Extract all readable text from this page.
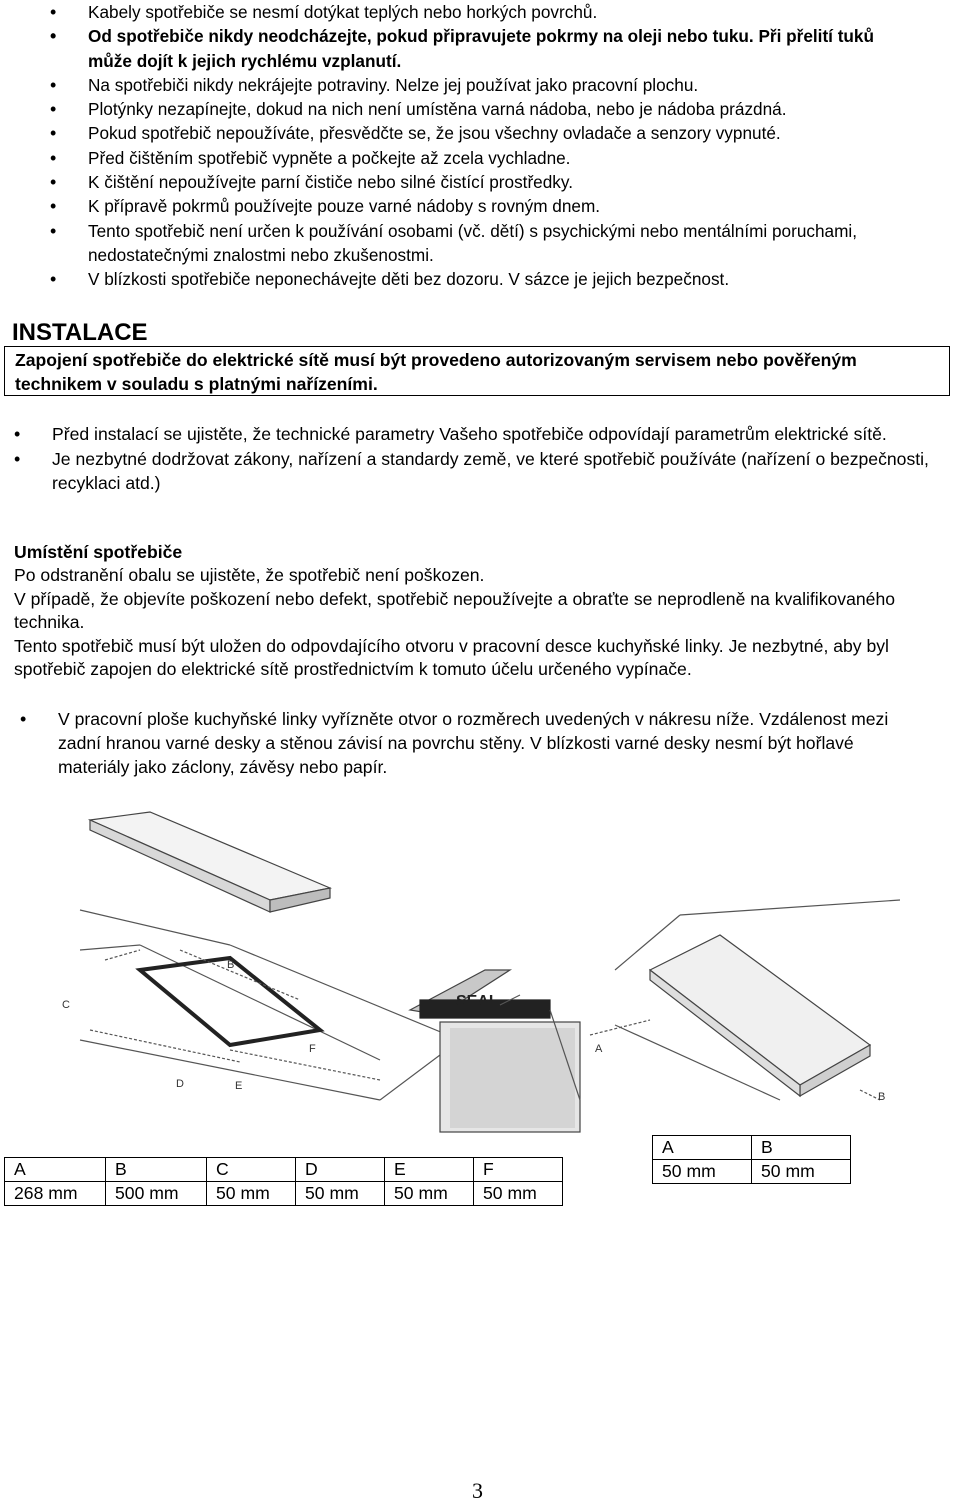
• Kabely spotřebiče se nesmí dotýkat teplých nebo horkých povrchů.
• Od spotřebiče nikdy neodcházejte, pokud připravujete pokrmy na oleji nebo tuku. Při přelití tuků může dojít k jejich rychlému vzplanutí.
• Na spotřebiči nikdy nekrájejte potraviny. Nelze jej používat jako pracovní plochu.
• Plotýnky nezapínejte, dokud na nich není umístěna varná nádoba, nebo je nádoba prázdná.
• Pokud spotřebič nepoužíváte, přesvědčte se, že jsou všechny ovladače a senzory vypnuté.
• Před čištěním spotřebič vypněte a počkejte až zcela vychladne.
• K čištění nepoužívejte parní čističe nebo silné čistící prostředky.
• K přípravě pokrmů používejte pouze varné nádoby s rovným dnem.
• Tento spotřebič není určen k používání osobami (vč. dětí) s psychickými nebo mentálními poruchami, nedostatečnými znalostmi nebo zkušenostmi.
• V blízkosti spotřebiče neponechávejte děti bez dozoru. V sázce je jejich bezpečnost.
INSTALACE
Zapojení spotřebiče do elektrické sítě musí být provedeno autorizovaným servisem nebo pověřeným technikem v souladu s platnými nařízeními.
• Před instalací se ujistěte, že technické parametry Vašeho spotřebiče odpovídají parametrům elektrické sítě.
• Je nezbytné dodržovat zákony, nařízení a standardy země, ve které spotřebič používáte (nařízení o bezpečnosti, recyklaci atd.)
Umístění spotřebiče
Po odstranění obalu se ujistěte, že spotřebič není poškozen.
V případě, že objevíte poškození nebo defekt, spotřebič nepoužívejte a obraťte se neprodleně na kvalifikovaného technika.
Tento spotřebič musí být uložen do odpovdajícího otvoru v pracovní desce kuchyňské linky. Je nezbytné, aby byl spotřebič zapojen do elektrické sítě prostřednictvím k tomuto účelu určeného vypínače.
• V pracovní ploše kuchyňské linky vyřízněte otvor o rozměrech uvedených v nákresu níže. Vzdálenost mezi zadní hranou varné desky a stěnou závisí na povrchu stěny. V blízkosti varné desky nesmí být hořlavé materiály jako záclony, závěsy nebo papír.
B
C
D	E
F
SEAL
A
B
A	B	C	D	E	F
268 mm	500 mm	50 mm	50 mm	50 mm	50 mm
A	B
50 mm	50 mm
3
